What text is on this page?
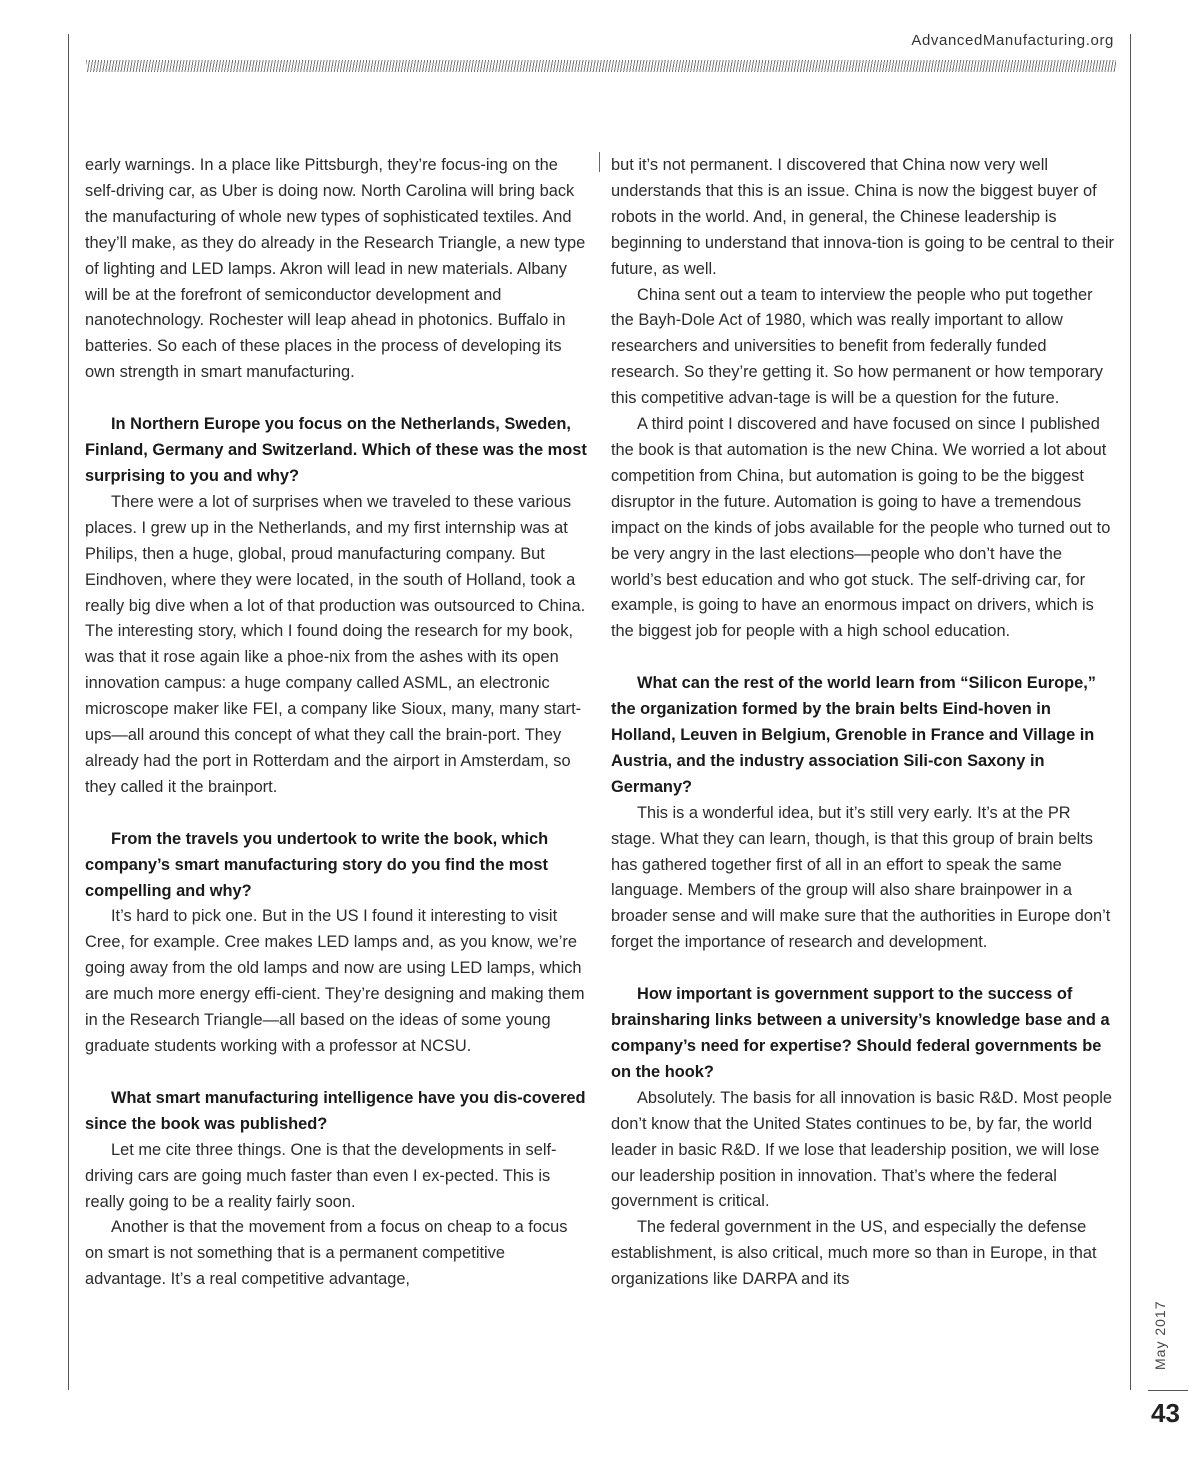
AdvancedManufacturing.org

early warnings. In a place like Pittsburgh, they’re focus-ing on the self-driving car, as Uber is doing now. North Carolina will bring back the manufacturing of whole new types of sophisticated textiles. And they’ll make, as they do already in the Research Triangle, a new type of lighting and LED lamps. Akron will lead in new materials. Albany will be at the forefront of semiconductor development and nanotechnology. Rochester will leap ahead in photonics. Buffalo in batteries. So each of these places in the process of developing its own strength in smart manufacturing.

In Northern Europe you focus on the Netherlands, Sweden, Finland, Germany and Switzerland. Which of these was the most surprising to you and why?

There were a lot of surprises when we traveled to these various places. I grew up in the Netherlands, and my first internship was at Philips, then a huge, global, proud manufacturing company. But Eindhoven, where they were located, in the south of Holland, took a really big dive when a lot of that production was outsourced to China. The interesting story, which I found doing the research for my book, was that it rose again like a phoe-nix from the ashes with its open innovation campus: a huge company called ASML, an electronic microscope maker like FEI, a company like Sioux, many, many start-ups—all around this concept of what they call the brain-port. They already had the port in Rotterdam and the airport in Amsterdam, so they called it the brainport.

From the travels you undertook to write the book, which company’s smart manufacturing story do you find the most compelling and why?

It’s hard to pick one. But in the US I found it interesting to visit Cree, for example. Cree makes LED lamps and, as you know, we’re going away from the old lamps and now are using LED lamps, which are much more energy effi-cient. They’re designing and making them in the Research Triangle—all based on the ideas of some young graduate students working with a professor at NCSU.

What smart manufacturing intelligence have you dis-covered since the book was published?

Let me cite three things. One is that the developments in self-driving cars are going much faster than even I ex-pected. This is really going to be a reality fairly soon.

Another is that the movement from a focus on cheap to a focus on smart is not something that is a permanent competitive advantage. It’s a real competitive advantage,

but it’s not permanent. I discovered that China now very well understands that this is an issue. China is now the biggest buyer of robots in the world. And, in general, the Chinese leadership is beginning to understand that innova-tion is going to be central to their future, as well.

China sent out a team to interview the people who put together the Bayh-Dole Act of 1980, which was really important to allow researchers and universities to benefit from federally funded research. So they’re getting it. So how permanent or how temporary this competitive advan-tage is will be a question for the future.

A third point I discovered and have focused on since I published the book is that automation is the new China. We worried a lot about competition from China, but automation is going to be the biggest disruptor in the future. Automation is going to have a tremendous impact on the kinds of jobs available for the people who turned out to be very angry in the last elections—people who don’t have the world’s best education and who got stuck. The self-driving car, for example, is going to have an enormous impact on drivers, which is the biggest job for people with a high school education.

What can the rest of the world learn from “Silicon Europe,” the organization formed by the brain belts Eind-hoven in Holland, Leuven in Belgium, Grenoble in France and Village in Austria, and the industry association Sili-con Saxony in Germany?

This is a wonderful idea, but it’s still very early. It’s at the PR stage. What they can learn, though, is that this group of brain belts has gathered together first of all in an effort to speak the same language. Members of the group will also share brainpower in a broader sense and will make sure that the authorities in Europe don’t forget the importance of research and development.

How important is government support to the success of brainsharing links between a university’s knowledge base and a company’s need for expertise? Should federal governments be on the hook?

Absolutely. The basis for all innovation is basic R&D. Most people don’t know that the United States continues to be, by far, the world leader in basic R&D. If we lose that leadership position, we will lose our leadership position in innovation. That’s where the federal government is critical.

The federal government in the US, and especially the defense establishment, is also critical, much more so than in Europe, in that organizations like DARPA and its

May 2017
43
